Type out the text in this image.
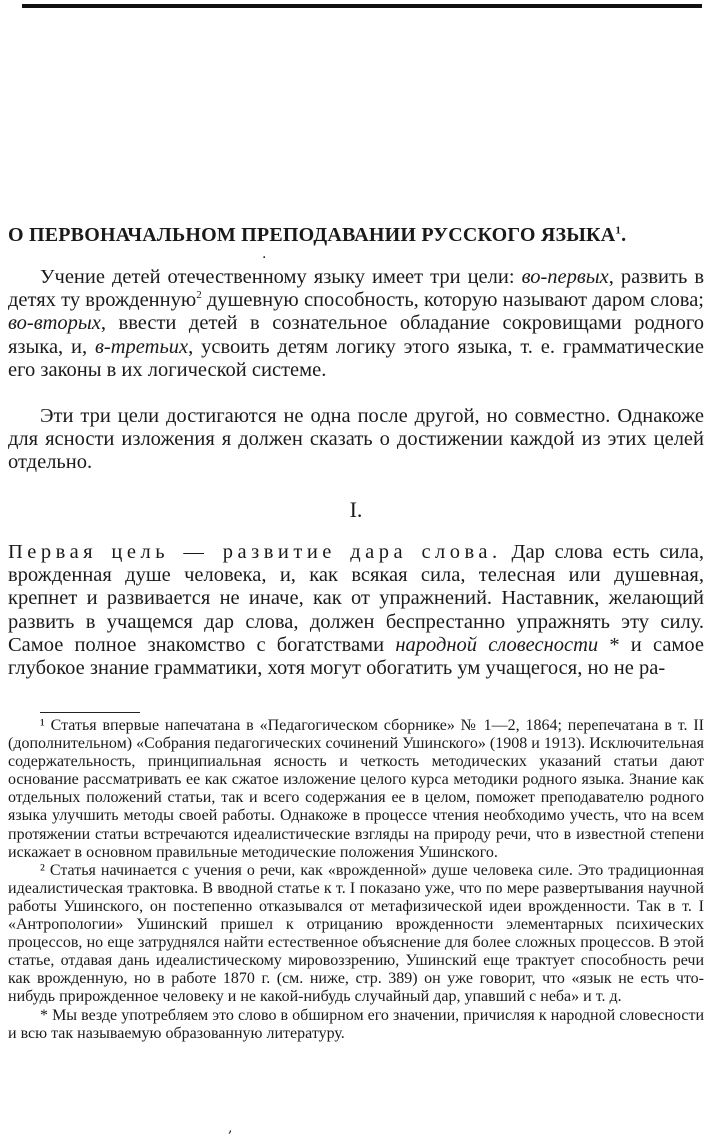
·
О ПЕРВОНАЧАЛЬНОМ ПРЕПОДАВАНИИ РУССКОГО ЯЗЫКА$^1$.

Учение детей отечественному языку имеет три цели: во-первых, развить в детях ту врожденную$^2$ душевную способность, которую называют даром слова; во-вторых, ввести детей в сознательное обладание сокровищами родного языка, и, в-третьих, усвоить детям логику этого языка, т. е. грамматические его законы в их логической системе.

Эти три цели достигаются не одна после другой, но совместно. Однакоже для ясности изложения я должен сказать о достижении каждой из этих целей отдельно.

I.

Первая цель — развитие дара слова. Дар слова есть сила, врожденная душе человека, и, как всякая сила, телесная или душевная, крепнет и развивается не иначе, как от упражнений. Наставник, желающий развить в учащемся дар слова, должен беспрестанно упражнять эту силу. Самое полное знакомство с богатствами народной словесности * и самое глубокое знание грамматики, хотя могут обогатить ум учащегося, но не ра-

¹ Статья впервые напечатана в «Педагогическом сборнике» № 1—2, 1864; перепечатана в т. II (дополнительном) «Собрания педагогических сочинений Ушинского» (1908 и 1913). Исключительная содержательность, принципиальная ясность и четкость методических указаний статьи дают основание рассматривать ее как сжатое изложение целого курса методики родного языка. Знание как отдельных положений статьи, так и всего содержания ее в целом, поможет преподавателю родного языка улучшить методы своей работы. Однакоже в процессе чтения необходимо учесть, что на всем протяжении статьи встречаются идеалистические взгляды на природу речи, что в известной степени искажает в основном правильные методические положения Ушинского.

² Статья начинается с учения о речи, как «врожденной» душе человека силе. Это традиционная идеалистическая трактовка. В вводной статье к т. I показано уже, что по мере развертывания научной работы Ушинского, он постепенно отказывался от метафизической идеи врожденности. Так в т. I «Антропологии» Ушинский пришел к отрицанию врожденности элементарных психических процессов, но еще затруднялся найти естественное объяснение для более сложных процессов. В этой статье, отдавая дань идеалистическому мировоззрению, Ушинский еще трактует способность речи как врожденную, но в работе 1870 г. (см. ниже, стр. 389) он уже говорит, что «язык не есть что-нибудь прирожденное человеку и не какой-нибудь случайный дар, упавший с неба» и т. д.

* Мы везде употребляем это слово в обширном его значении, причисляя к народной словесности и всю так называемую образованную литературу.

,
